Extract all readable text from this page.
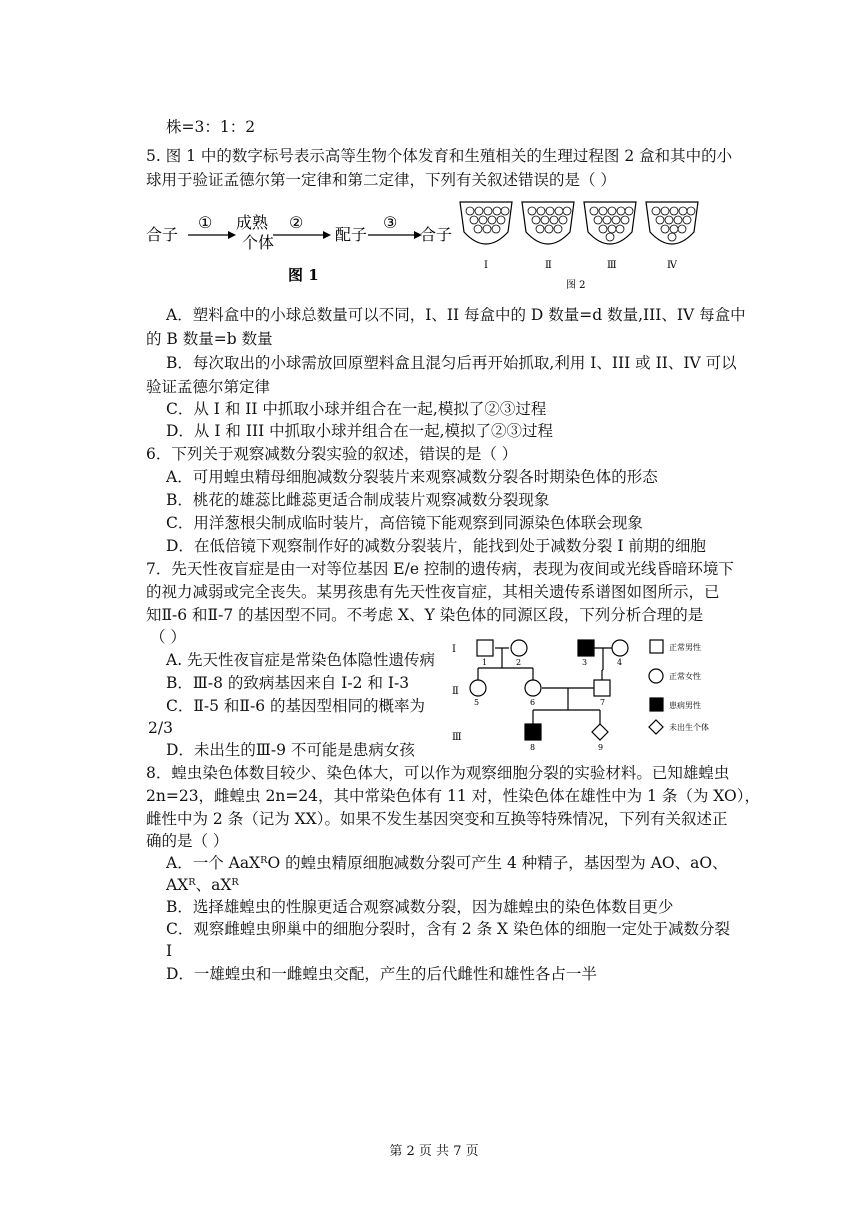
株=3：1：2
5. 图 1 中的数字标号表示高等生物个体发育和生殖相关的生理过程图 2 盒和其中的小
球用于验证孟德尔第一定律和第二定律，下列有关叙述错误的是（ ）
合子
① 成熟
个体
②
配子
③
合子
图 1
Ⅰ	Ⅱ	Ⅲ	Ⅳ
图 2
A．塑料盒中的小球总数量可以不同，I、II 每盒中的 D 数量=d 数量,III、IV 每盒中
的 B 数量=b 数量
B．每次取出的小球需放回原塑料盒且混匀后再开始抓取,利用 I、III 或 II、IV 可以
验证孟德尔第定律
C．从 I 和 II 中抓取小球并组合在一起,模拟了②③过程
D．从 I 和 III 中抓取小球并组合在一起,模拟了②③过程
6．下列关于观察减数分裂实验的叙述，错误的是（ ）
A．可用蝗虫精母细胞减数分裂装片来观察减数分裂各时期染色体的形态
B．桃花的雄蕊比雌蕊更适合制成装片观察减数分裂现象
C．用洋葱根尖制成临时装片，高倍镜下能观察到同源染色体联会现象
D．在低倍镜下观察制作好的减数分裂装片，能找到处于减数分裂 Ⅰ 前期的细胞
7．先天性夜盲症是由一对等位基因 E/e 控制的遗传病，表现为夜间或光线昏暗环境下
的视力减弱或完全丧失。某男孩患有先天性夜盲症，其相关遗传系谱图如图所示，已
知Ⅱ-6 和Ⅱ-7 的基因型不同。不考虑 X、Y 染色体的同源区段，下列分析合理的是
（ ）
A. 先天性夜盲症是常染色体隐性遗传病
B．Ⅲ-8 的致病基因来自 I-2 和 I-3
C．Ⅱ-5 和Ⅱ-6 的基因型相同的概率为
2/3
D．未出生的Ⅲ-9 不可能是患病女孩
Ⅰ
Ⅱ
Ⅲ
1	2	3	4
5	6	7
8	9
正常男性
正常女性
患病男性
未出生个体
8．蝗虫染色体数目较少、染色体大，可以作为观察细胞分裂的实验材料。已知雄蝗虫
2n=23，雌蝗虫 2n=24，其中常染色体有 11 对，性染色体在雄性中为 1 条（为 XO），
雌性中为 2 条（记为 XX）。如果不发生基因突变和互换等特殊情况，下列有关叙述正
确的是（ ）
A．一个 AaXᴿO 的蝗虫精原细胞减数分裂可产生 4 种精子，基因型为 AO、aO、
AXᴿ、aXᴿ
B．选择雄蝗虫的性腺更适合观察减数分裂，因为雄蝗虫的染色体数目更少
C．观察雌蝗虫卵巢中的细胞分裂时，含有 2 条 X 染色体的细胞一定处于减数分裂
Ⅰ
D．一雄蝗虫和一雌蝗虫交配，产生的后代雌性和雄性各占一半
第 2 页 共 7 页
